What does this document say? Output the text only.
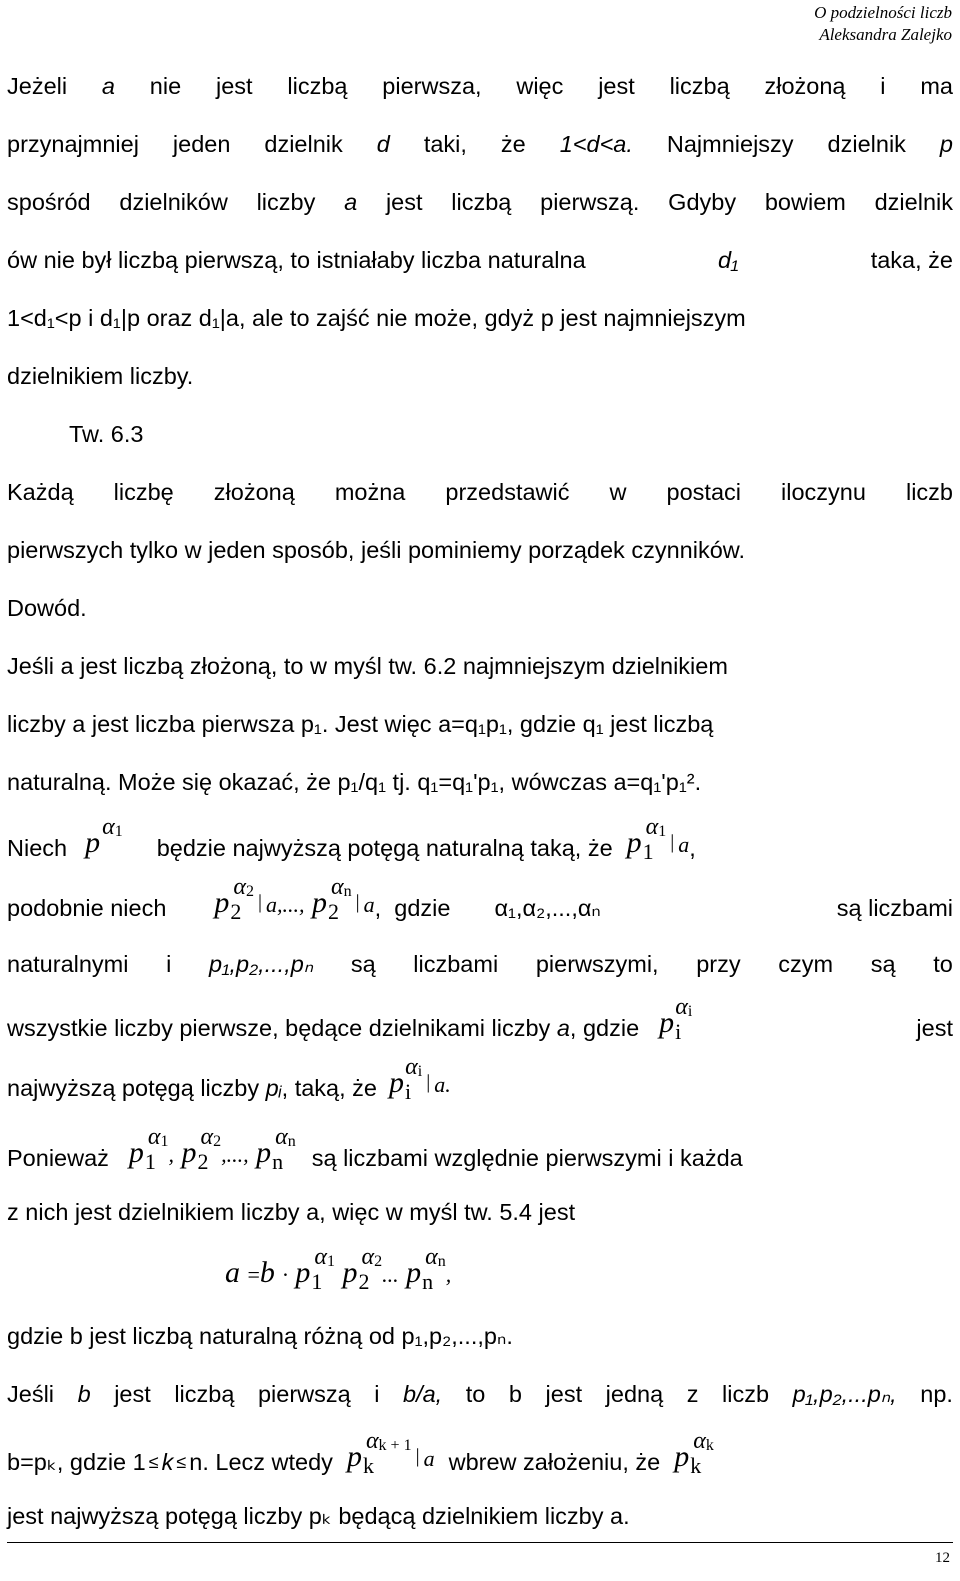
O podzielności liczb
Aleksandra Zalejko
Jeżeli a nie jest liczbą pierwsza, więc jest liczbą złożoną i ma
przynajmniej jeden dzielnik d taki, że 1<d<a. Najmniejszy dzielnik p
spośród dzielników liczby a jest liczbą pierwszą. Gdyby bowiem dzielnik
ów nie był liczbą pierwszą, to istniałaby liczba naturalna	d₁	taka, że
1<d₁<p i d₁|p oraz d₁|a, ale to zajść nie może, gdyż p jest najmniejszym
dzielnikiem liczby.
Tw. 6.3
Każdą liczbę złożoną można przedstawić w postaci iloczynu liczb
pierwszych tylko w jeden sposób, jeśli pominiemy porządek czynników.
Dowód.
Jeśli a jest liczbą złożoną, to w myśl tw. 6.2 najmniejszym dzielnikiem
liczby a jest liczba pierwsza p₁. Jest więc a=q₁p₁, gdzie q₁ jest liczbą
naturalną. Może się okazać, że p₁/q₁ tj. q₁=q₁'p₁, wówczas a=q₁'p₁².
Niech $p^{\alpha 1}$
będzie najwyższą potęgą naturalną taką, że $p_1^{\alpha 1}$ | a ,
podobnie niech $p_2^{\alpha 2}$ | a,..., $p_2^{\alpha n}$ | a , gdzie α₁,α₂,...,αₙ	są liczbami
naturalnymi i p₁,p₂,...,pₙ są liczbami pierwszymi, przy czym są to
wszystkie liczby pierwsze, będące dzielnikami liczby
a , gdzie $p_i^{\alpha i}$
jest
najwyższą potęgą liczby
pᵢ , taką, że $p_i^{\alpha i}$ | a.
Ponieważ $p_1^{\alpha 1}$, $p_2^{\alpha 2}$,..., $p_n^{\alpha n}$
są liczbami względnie pierwszymi i każda
z nich jest dzielnikiem liczby a, więc w myśl tw. 5.4 jest
$a =b \cdot p_1^{\alpha 1}$ $p_2^{\alpha 2}$... $p_n^{\alpha n}$,
gdzie b jest liczbą naturalną różną od p₁,p₂,...,pₙ.
Jeśli b jest liczbą pierwszą i b/a, to b jest jedną z liczb p₁,p₂,...pₙ, np.
b=pₖ, gdzie 1 ≤ k ≤ n. Lecz wtedy $p_k^{\alpha k + 1}$ | a wbrew założeniu, że $p_k^{\alpha k}$
jest najwyższą potęgą liczby pₖ będącą dzielnikiem liczby a.
12
